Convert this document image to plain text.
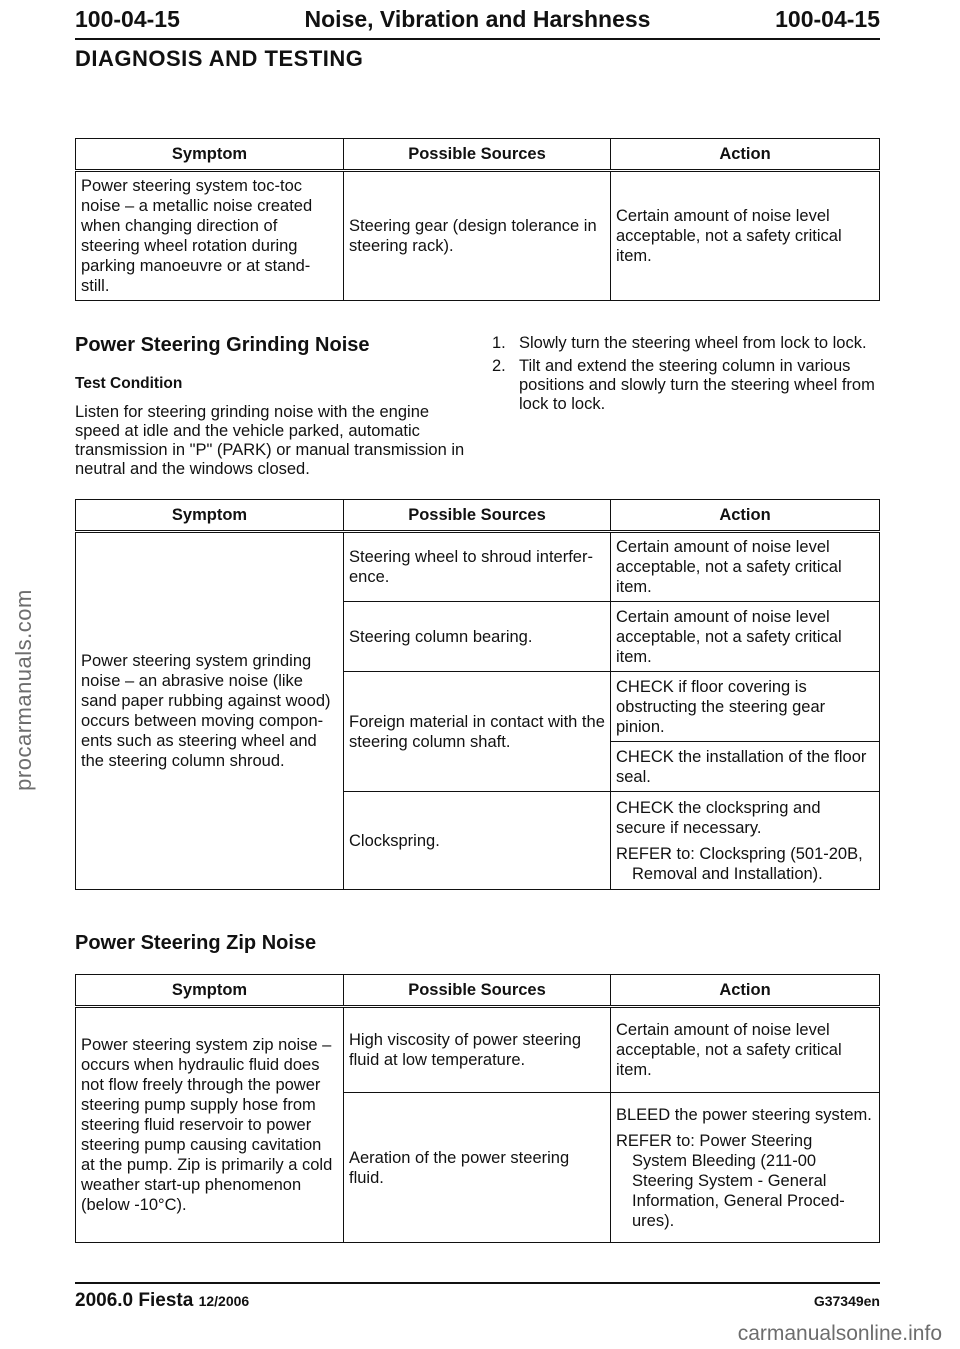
procarmanuals.com
100-04-15	Noise, Vibration and Harshness	100-04-15
DIAGNOSIS AND TESTING
Symptom	Possible Sources	Action
Power steering system toc-toc noise – a metallic noise created when changing direction of steering wheel rotation during parking manoeuvre or at stand-still.	Steering gear (design tolerance in steering rack).	Certain amount of noise level acceptable, not a safety critical item.
Power Steering Grinding Noise
Test Condition
Listen for steering grinding noise with the engine speed at idle and the vehicle parked, automatic transmission in "P" (PARK) or manual transmission in neutral and the windows closed.
1. Slowly turn the steering wheel from lock to lock.
2. Tilt and extend the steering column in various positions and slowly turn the steering wheel from lock to lock.
Symptom	Possible Sources	Action
Power steering system grinding noise – an abrasive noise (like sand paper rubbing against wood) occurs between moving compon-ents such as steering wheel and the steering column shroud.	Steering wheel to shroud interfer-ence.	Certain amount of noise level acceptable, not a safety critical item.
	Steering column bearing.	Certain amount of noise level acceptable, not a safety critical item.
	Foreign material in contact with the steering column shaft.	CHECK if floor covering is obstructing the steering gear pinion.
		CHECK the installation of the floor seal.
	Clockspring.	CHECK the clockspring and secure if necessary.

REFER to: Clockspring (501-20B,
Removal and Installation).
Power Steering Zip Noise
Symptom	Possible Sources	Action
Power steering system zip noise – occurs when hydraulic fluid does not flow freely through the power steering pump supply hose from steering fluid reservoir to power steering pump causing cavitation at the pump. Zip is primarily a cold weather start-up phenomenon (below -10°C).	High viscosity of power steering fluid at low temperature.	Certain amount of noise level acceptable, not a safety critical item.
	Aeration of the power steering fluid.	BLEED the power steering system.

REFER to: Power Steering
System Bleeding (211-00 Steering System - General Information, General Proced-ures).
2006.0 Fiesta 12/2006	G37349en
carmanualsonline.info
